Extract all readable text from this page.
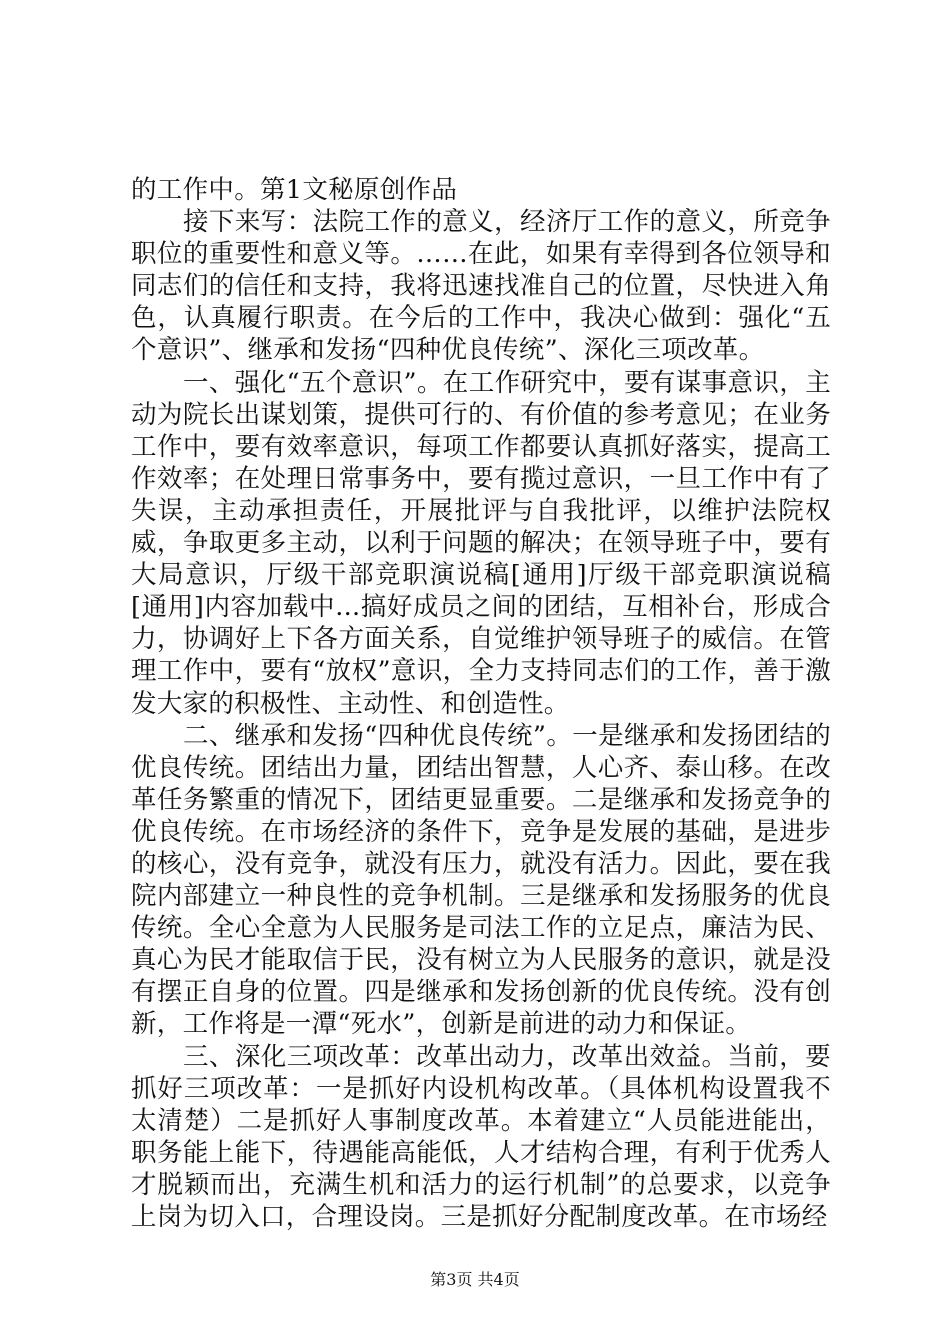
的工作中。第1文秘原创作品

接下来写：法院工作的意义，经济厅工作的意义，所竞争职位的重要性和意义等。……在此，如果有幸得到各位领导和同志们的信任和支持，我将迅速找准自己的位置，尽快进入角色，认真履行职责。在今后的工作中，我决心做到：强化“五个意识”、继承和发扬“四种优良传统”、深化三项改革。

一、强化“五个意识”。在工作研究中，要有谋事意识，主动为院长出谋划策，提供可行的、有价值的参考意见；在业务工作中，要有效率意识，每项工作都要认真抓好落实，提高工作效率；在处理日常事务中，要有揽过意识，一旦工作中有了失误，主动承担责任，开展批评与自我批评，以维护法院权威，争取更多主动，以利于问题的解决；在领导班子中，要有大局意识，厅级干部竞职演说稿[通用]厅级干部竞职演说稿[通用]内容加载中...搞好成员之间的团结，互相补台，形成合力，协调好上下各方面关系，自觉维护领导班子的威信。在管理工作中，要有“放权”意识，全力支持同志们的工作，善于激发大家的积极性、主动性、和创造性。

二、继承和发扬“四种优良传统”。一是继承和发扬团结的优良传统。团结出力量，团结出智慧，人心齐、泰山移。在改革任务繁重的情况下，团结更显重要。二是继承和发扬竞争的优良传统。在市场经济的条件下，竞争是发展的基础，是进步的核心，没有竞争，就没有压力，就没有活力。因此，要在我院内部建立一种良性的竞争机制。三是继承和发扬服务的优良传统。全心全意为人民服务是司法工作的立足点，廉洁为民、真心为民才能取信于民，没有树立为人民服务的意识，就是没有摆正自身的位置。四是继承和发扬创新的优良传统。没有创新，工作将是一潭“死水”，创新是前进的动力和保证。

三、深化三项改革：改革出动力，改革出效益。当前，要抓好三项改革：一是抓好内设机构改革。（具体机构设置我不太清楚）二是抓好人事制度改革。本着建立“人员能进能出，职务能上能下，待遇能高能低，人才结构合理，有利于优秀人才脱颖而出，充满生机和活力的运行机制”的总要求，以竞争上岗为切入口，合理设岗。三是抓好分配制度改革。在市场经

第3页 共4页
